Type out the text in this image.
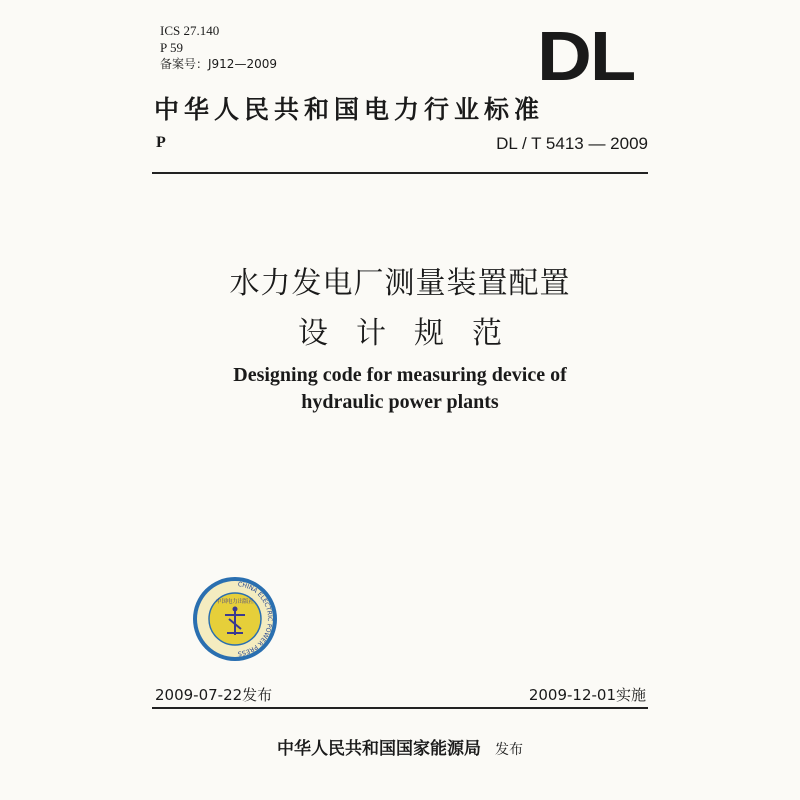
ICS 27.140
P 59
备案号：J912—2009	DL
中华人民共和国电力行业标准
P	DL / T 5413 — 2009
水力发电厂测量装置配置
设计规范
Designing code for measuring device of
hydraulic power plants
CHINA ELECTRIC POWER PRESS
中国电力出版社
2009-07-22发布	2009-12-01实施
中华人民共和国国家能源局 发布
